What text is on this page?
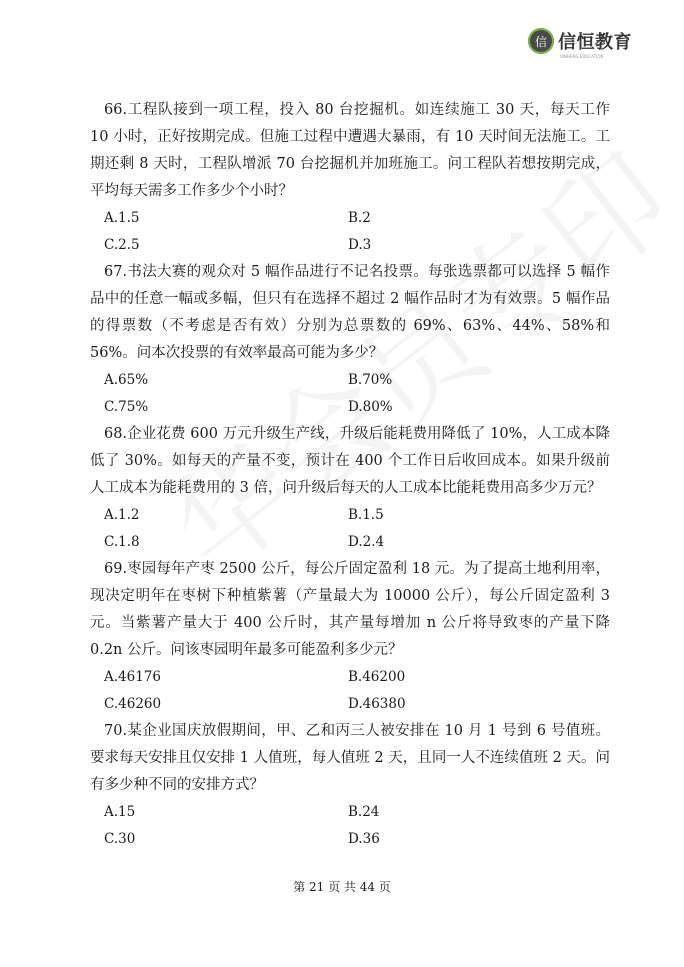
信 信恒教育
XINHENG EDUCATION

66.工程队接到一项工程，投入 80 台挖掘机。如连续施工 30 天，每天工作 10 小时，正好按期完成。但施工过程中遭遇大暴雨，有 10 天时间无法施工。工期还剩 8 天时，工程队增派 70 台挖掘机并加班施工。问工程队若想按期完成，平均每天需多工作多少个小时？

A.1.5	B.2
C.2.5	D.3

67.书法大赛的观众对 5 幅作品进行不记名投票。每张选票都可以选择 5 幅作品中的任意一幅或多幅，但只有在选择不超过 2 幅作品时才为有效票。5 幅作品的得票数（不考虑是否有效）分别为总票数的 69%、63%、44%、58%和 56%。问本次投票的有效率最高可能为多少？

A.65%	B.70%
C.75%	D.80%

68.企业花费 600 万元升级生产线，升级后能耗费用降低了 10%，人工成本降低了 30%。如每天的产量不变，预计在 400 个工作日后收回成本。如果升级前人工成本为能耗费用的 3 倍，问升级后每天的人工成本比能耗费用高多少万元？

A.1.2	B.1.5
C.1.8	D.2.4

69.枣园每年产枣 2500 公斤，每公斤固定盈利 18 元。为了提高土地利用率，现决定明年在枣树下种植紫薯（产量最大为 10000 公斤），每公斤固定盈利 3 元。当紫薯产量大于 400 公斤时，其产量每增加 n 公斤将导致枣的产量下降 0.2n 公斤。问该枣园明年最多可能盈利多少元？

A.46176	B.46200
C.46260	D.46380

70.某企业国庆放假期间，甲、乙和丙三人被安排在 10 月 1 号到 6 号值班。要求每天安排且仅安排 1 人值班，每人值班 2 天，且同一人不连续值班 2 天。问有多少种不同的安排方式？

A.15	B.24
C.30	D.36
第 21 页 共 44 页
